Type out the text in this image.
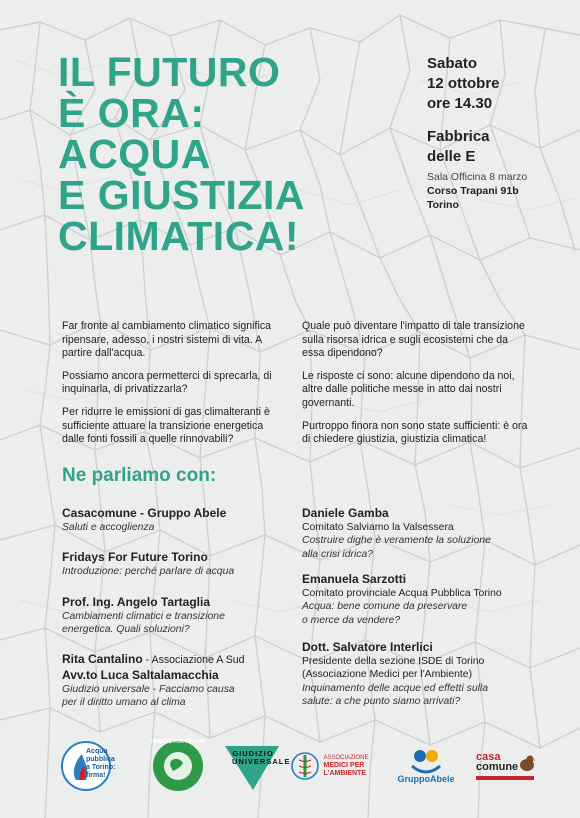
IL FUTURO
È ORA:
ACQUA
E GIUSTIZIA
CLIMATICA!
Sabato
12 ottobre
ore 14.30
Fabbrica
delle E
Sala Officina 8 marzo
Corso Trapani 91b
Torino

Far fronte al cambiamento climatico significa ripensare, adesso, i nostri sistemi di vita. A partire dall'acqua.

Possiamo ancora permetterci di sprecarla, di inquinarla, di privatizzarla?

Per ridurre le emissioni di gas climalteranti è sufficiente attuare la transizione energetica dalle fonti fossili a quelle rinnovabili?

Quale può diventare l'impatto di tale transizione sulla risorsa idrica e sugli ecosistemi che da essa dipendono?

Le risposte ci sono: alcune dipendono da noi, altre dalle politiche messe in atto dai nostri governanti.

Purtroppo finora non sono state sufficienti: è ora di chiedere giustizia, giustizia climatica!

Ne parliamo con:
Casacomune - Gruppo Abele
Saluti e accoglienza
Fridays For Future Torino
Introduzione: perché parlare di acqua
Prof. Ing. Angelo Tartaglia
Cambiamenti climatici e transizione energetica. Quali soluzioni?
Rita Cantalino - Associazione A Sud
Avv.to Luca Saltalamacchia
Giudizio universale - Facciamo causa per il diritto umano al clima
Daniele Gamba
Comitato Salviamo la Valsessera
Costruire dighe è veramente la soluzione alla crisi idrica?
Emanuela Sarzotti
Comitato provinciale Acqua Pubblica Torino
Acqua: bene comune da preservare o merce da vendere?
Dott. Salvatore Interlici
Presidente della sezione ISDE di Torino (Associazione Medici per l'Ambiente)
Inquinamento delle acque ed effetti sulla salute: a che punto siamo arrivati?
Acqua pubblica a Torino: firma!
FRIDAYS FOR FUTURE
GIUDIZIO UNIVERSALE	ASSOCIAZIONE
MEDICI PER
L'AMBIENTE
GruppoAbele
casa
comune
